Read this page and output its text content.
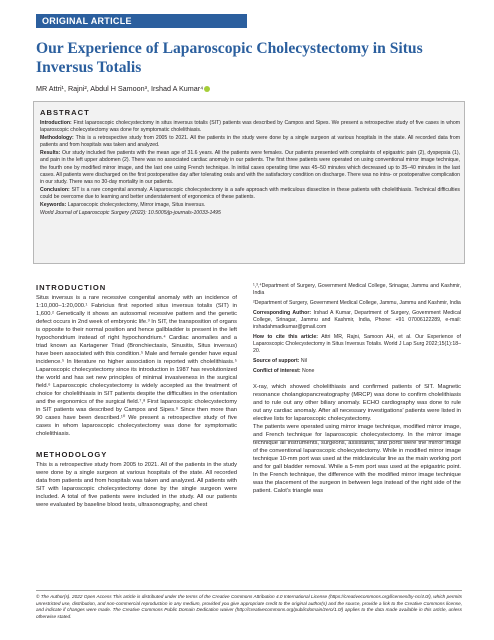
ORIGINAL ARTICLE
Our Experience of Laparoscopic Cholecystectomy in Situs Inversus Totalis
MR Attri¹, Rajni², Abdul H Samoon³, Irshad A Kumar⁴
ABSTRACT

Introduction: First laparoscopic cholecystectomy in situs inversus totalis (SIT) patients was described by Campos and Sipes. We present a retrospective study of five cases in whom laparoscopic cholecystectomy was done for symptomatic cholelithiasis.

Methodology: This is a retrospective study from 2005 to 2021. All the patients in the study were done by a single surgeon at various hospitals in the state. All recorded data from patients and from hospitals was taken and analyzed.

Results: Our study included five patients with the mean age of 31.6 years. All the patients were females. Our patients presented with complaints of epigastric pain (2), dyspepsia (1), and pain in the left upper abdomen (2). There was no associated cardiac anomaly in our patients. The first three patients were operated on using conventional mirror image technique, the fourth one by modified mirror image, and the last one using French technique. In initial cases operating time was 45–50 minutes which decreased up to 35–40 minutes in the last cases. All patients were discharged on the first postoperative day after tolerating orals and with the satisfactory condition on discharge. There was no intra- or postoperative complication in our study. There was no 30-day mortality in our patients.

Conclusion: SIT is a rare congenital anomaly. A laparoscopic cholecystectomy is a safe approach with meticulous dissection in these patients with cholelithiasis. Technical difficulties could be overcome due to learning and better understatement of ergonomics of these patients.

Keywords: Laparoscopic cholecystectomy, Mirror image, Situs inversus.

World Journal of Laparoscopic Surgery (2022): 10.5005/jp-journals-10033-1495

INTRODUCTION

Situs inversus is a rare recessive congenital anomaly with an incidence of 1:10,000–1:20,000.¹ Fabricius first reported situs inversus totalis (SIT) in 1,600.² Genetically it shows an autosomal recessive pattern and the genetic defect occurs in 2nd week of embryonic life.³ In SIT, the transposition of organs is opposite to their normal position and hence gallbladder is present in the left hypochondrium instead of right hypochondrium.⁴ Cardiac anomalies and a triad known as Kartagener Triad (Bronchiectasis, Sinusitis, Situs inversus) have been associated with this condition.⁵ Male and female gender have equal incidence.⁵ In literature no higher association is reported with cholelithiasis.⁵ Laparoscopic cholecystectomy since its introduction in 1987 has revolutionized the world and has set new principles of minimal invasiveness in the surgical field.⁶ Laparoscopic cholecystectomy is widely accepted as the treatment of choice for cholelithiasis in SIT patients despite the difficulties in the orientation and the ergonomics of the surgical field.⁷,⁸ First laparoscopic cholecystectomy in SIT patients was described by Campos and Sipes.⁹ Since then more than 90 cases have been described.¹⁰ We present a retrospective study of five cases in whom laparoscopic cholecystectomy was done for symptomatic cholelithiasis.

METHODOLOGY

This is a retrospective study from 2005 to 2021. All of the patients in the study were done by a single surgeon at various hospitals of the state. All recorded data from patients and from hospitals was taken and analyzed. All patients with SIT with laparoscopic cholecystectomy done by the single surgeon were included. A total of five patients were included in the study. All our patients were evaluated by baseline blood tests, ultrasonography, and chest

¹,³,⁴Department of Surgery, Government Medical College, Srinagar, Jammu and Kashmir, India

²Department of Surgery, Government Medical College, Jammu, Jammu and Kashmir, India

Corresponding Author: Irshad A Kumar, Department of Surgery, Government Medical College, Srinagar, Jammu and Kashmir, India, Phone: +91 07006122289, e-mail: irshadahmadkumar@gmail.com

How to cite this article: Attri MR, Rajni, Samoon AH, et al. Our Experience of Laparoscopic Cholecystectomy in Situs Inversus Totalis. World J Lap Surg 2022;15(1):18–20.

Source of support: Nil

Conflict of interest: None

X-ray, which showed cholelithiasis and confirmed patients of SIT. Magnetic resonance cholangiopancreatography (MRCP) was done to confirm cholelithiasis and to rule out any other biliary anomaly. ECHO cardiography was done to rule out any cardiac anomaly. After all necessary investigations' patients were listed in elective lists for laparoscopic cholecystectomy.

The patients were operated using mirror image technique, modified mirror image, and French technique for laparoscopic cholecystectomy. In the mirror image technique all instruments, surgeons, assistants, and ports were the mirror image of the conventional laparoscopic cholecystectomy. While in modified mirror image technique 10-mm port was used at the midclavicular line as the main working port and for gall bladder removal. While a 5-mm port was used at the epigastric point. In the French technique, the difference with the modified mirror image technique was the placement of the surgeon in between legs instead of the right side of the patient. Calot's triangle was

© The Author(s). 2022 Open Access This article is distributed under the terms of the Creative Commons Attribution 4.0 International License (https://creativecommons.org/licenses/by-nc/4.0/), which permits unrestricted use, distribution, and non-commercial reproduction in any medium, provided you give appropriate credit to the original author(s) and the source, provide a link to the Creative Commons license, and indicate if changes were made. The Creative Commons Public Domain Dedication waiver (http://creativecommons.org/publicdomain/zero/1.0/) applies to the data made available in this article, unless otherwise stated.
